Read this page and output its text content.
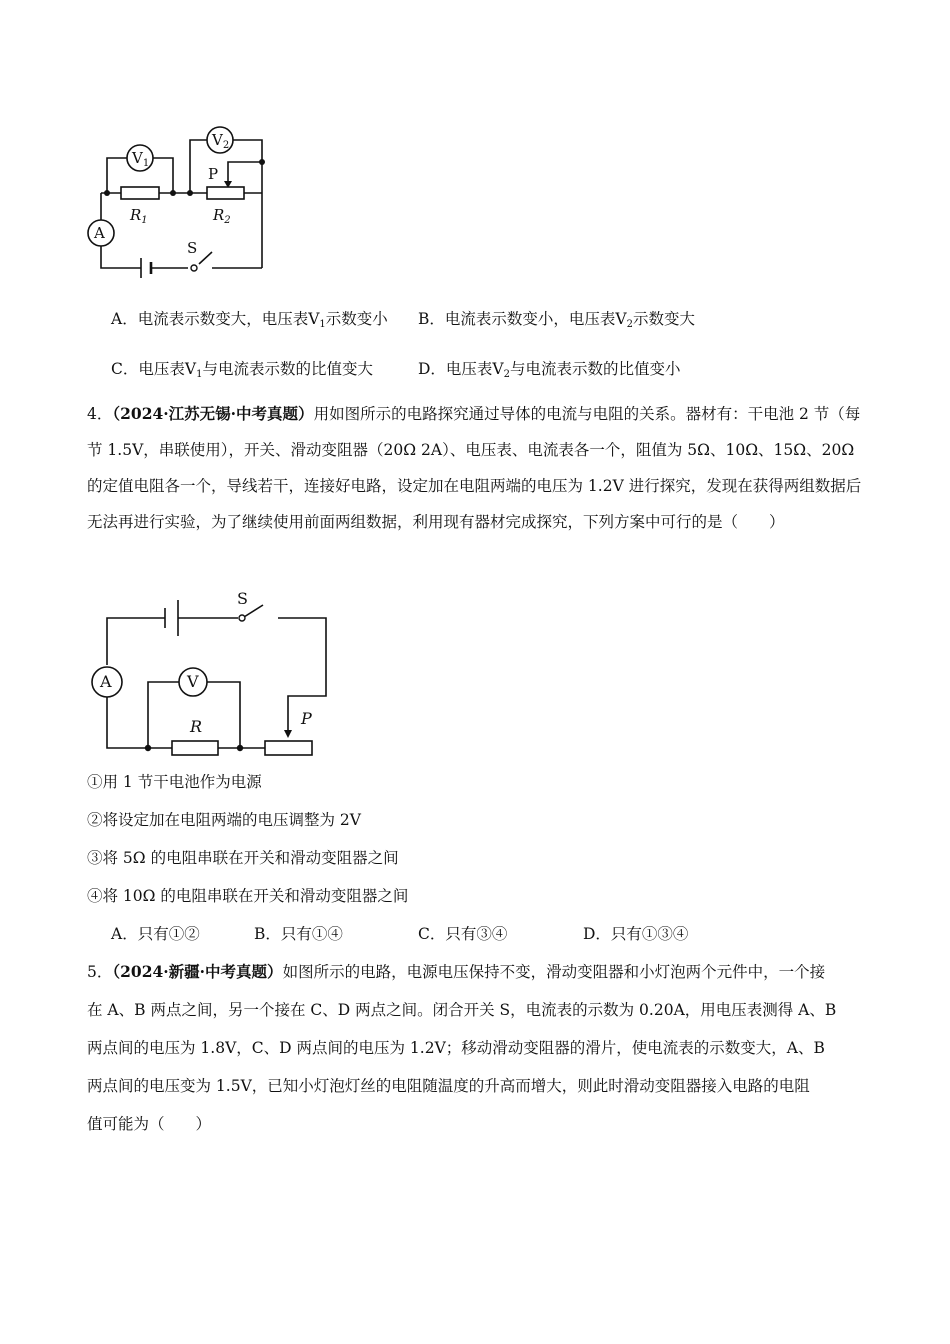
$V_1$
$V_2$
A
P
$R_1$	$R_2$
S
A．电流表示数变大，电压表$V_1$示数变小 B．电流表示数变小，电压表$V_2$示数变大
C．电压表$V_1$与电流表示数的比值变大	D．电压表$V_2$与电流表示数的比值变小
4．（2024·江苏无锡·中考真题）用如图所示的电路探究通过导体的电流与电阻的关系。器材有：干电池 2 节（每节 1.5V，串联使用），开关、滑动变阻器（20Ω 2A）、电压表、电流表各一个，阻值为 5Ω、10Ω、15Ω、20Ω 的定值电阻各一个，导线若干，连接好电路，设定加在电阻两端的电压为 1.2V 进行探究，发现在获得两组数据后无法再进行实验，为了继续使用前面两组数据，利用现有器材完成探究，下列方案中可行的是（　　）
A	V
R	P
S
①用 1 节干电池作为电源
②将设定加在电阻两端的电压调整为 2V
③将 5Ω 的电阻串联在开关和滑动变阻器之间
④将 10Ω 的电阻串联在开关和滑动变阻器之间
A．只有①②	B．只有①④	C．只有③④	D．只有①③④
5．（2024·新疆·中考真题）如图所示的电路，电源电压保持不变，滑动变阻器和小灯泡两个元件中，一个接
在 A、B 两点之间，另一个接在 C、D 两点之间。闭合开关 S，电流表的示数为 0.20A，用电压表测得 A、B
两点间的电压为 1.8V，C、D 两点间的电压为 1.2V；移动滑动变阻器的滑片，使电流表的示数变大，A、B
两点间的电压变为 1.5V，已知小灯泡灯丝的电阻随温度的升高而增大，则此时滑动变阻器接入电路的电阻
值可能为（　　）
